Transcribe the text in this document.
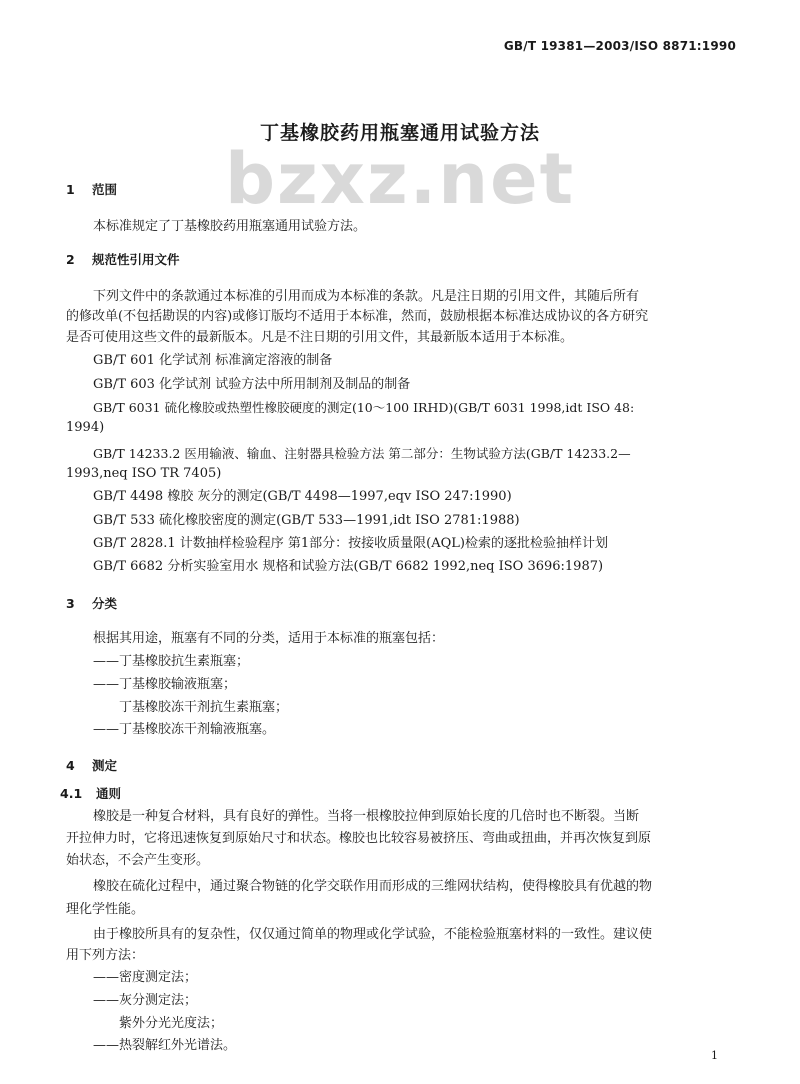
GB/T 19381—2003/ISO 8871:1990
bzxz.net
丁基橡胶药用瓶塞通用试验方法
1 范围
本标准规定了丁基橡胶药用瓶塞通用试验方法。
2 规范性引用文件
下列文件中的条款通过本标准的引用而成为本标准的条款。凡是注日期的引用文件，其随后所有
的修改单(不包括勘误的内容)或修订版均不适用于本标准，然而，鼓励根据本标准达成协议的各方研究
是否可使用这些文件的最新版本。凡是不注日期的引用文件，其最新版本适用于本标准。
GB/T 601 化学试剂 标准滴定溶液的制备
GB/T 603 化学试剂 试验方法中所用制剂及制品的制备
GB/T 6031 硫化橡胶或热塑性橡胶硬度的测定(10～100 IRHD)(GB/T 6031 1998,idt ISO 48:
1994)
GB/T 14233.2 医用输液、输血、注射器具检验方法 第二部分：生物试验方法(GB/T 14233.2—
1993,neq ISO TR 7405)
GB/T 4498 橡胶 灰分的测定(GB/T 4498—1997,eqv ISO 247:1990)
GB/T 533 硫化橡胶密度的测定(GB/T 533—1991,idt ISO 2781:1988)
GB/T 2828.1 计数抽样检验程序 第1部分：按接收质量限(AQL)检索的逐批检验抽样计划
GB/T 6682 分析实验室用水 规格和试验方法(GB/T 6682 1992,neq ISO 3696:1987)
3 分类
根据其用途，瓶塞有不同的分类，适用于本标准的瓶塞包括：
——丁基橡胶抗生素瓶塞；
——丁基橡胶输液瓶塞；
丁基橡胶冻干剂抗生素瓶塞；
——丁基橡胶冻干剂输液瓶塞。
4 测定
4.1 通则
橡胶是一种复合材料，具有良好的弹性。当将一根橡胶拉伸到原始长度的几倍时也不断裂。当断
开拉伸力时，它将迅速恢复到原始尺寸和状态。橡胶也比较容易被挤压、弯曲或扭曲，并再次恢复到原
始状态，不会产生变形。
橡胶在硫化过程中，通过聚合物链的化学交联作用而形成的三维网状结构，使得橡胶具有优越的物
理化学性能。
由于橡胶所具有的复杂性，仅仅通过简单的物理或化学试验，不能检验瓶塞材料的一致性。建议使
用下列方法：
——密度测定法；
——灰分测定法；
紫外分光光度法；
——热裂解红外光谱法。
1
